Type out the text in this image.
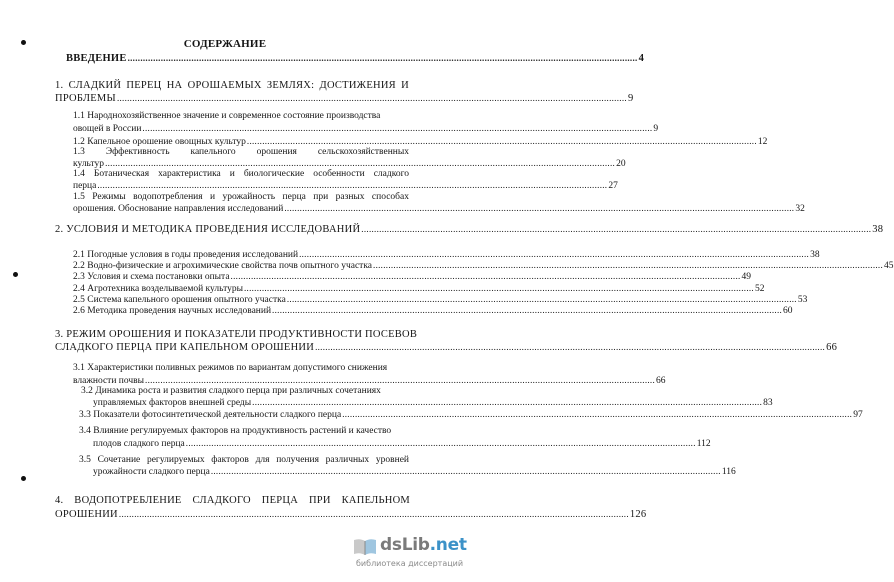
СОДЕРЖАНИЕ
ВВЕДЕНИЕ .....	4
1. СЛАДКИЙ ПЕРЕЦ НА ОРОШАЕМЫХ ЗЕМЛЯХ: ДОСТИЖЕНИЯ И
ПРОБЛЕМЫ .....	9
1.1 Народнохозяйственное значение и современное состояние производства
овощей в России .....	9
1.2 Капельное орошение овощных культур .....	12
1.3 Эффективность капельного орошения сельскохозяйственных
культур .....	20
1.4 Ботаническая характеристика и биологические особенности сладкого
перца .....	27
1.5 Режимы водопотребления и урожайность перца при разных способах
орошения. Обоснование направления исследований .....	32
2. УСЛОВИЯ И МЕТОДИКА ПРОВЕДЕНИЯ ИССЛЕДОВАНИЙ .....	38
2.1 Погодные условия в годы проведения исследований .....	38
2.2 Водно-физические и агрохимические свойства почв опытного участка .....	45
2.3 Условия и схема постановки опыта .....	49
2.4 Агротехника возделываемой культуры .....	52
2.5 Система капельного орошения опытного участка .....	53
2.6 Методика проведения научных исследований .....	60
3. РЕЖИМ ОРОШЕНИЯ И ПОКАЗАТЕЛИ ПРОДУКТИВНОСТИ ПОСЕВОВ
СЛАДКОГО ПЕРЦА ПРИ КАПЕЛЬНОМ ОРОШЕНИИ .....	66
3.1 Характеристики поливных режимов по вариантам допустимого снижения
влажности почвы .....	66
3.2 Динамика роста и развития сладкого перца при различных сочетаниях
управляемых факторов внешней среды .....	83
3.3 Показатели фотосинтетической деятельности сладкого перца .....	97
3.4 Влияние регулируемых факторов на продуктивность растений и качество
плодов сладкого перца .....	112
3.5 Сочетание регулируемых факторов для получения различных уровней
урожайности сладкого перца .....	116
4. ВОДОПОТРЕБЛЕНИЕ СЛАДКОГО ПЕРЦА ПРИ КАПЕЛЬНОМ
ОРОШЕНИИ .....	126
dsLib.net
библиотека диссертаций
